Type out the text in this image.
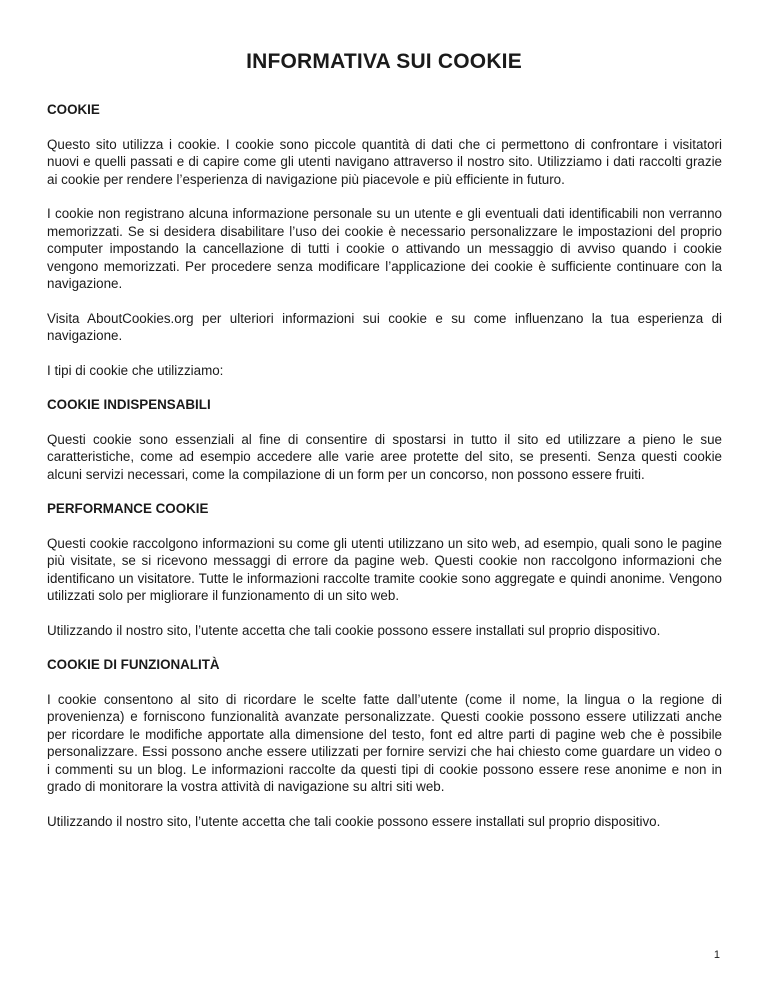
INFORMATIVA SUI COOKIE
COOKIE

Questo sito utilizza i cookie. I cookie sono piccole quantità di dati che ci permettono di confrontare i visitatori nuovi e quelli passati e di capire come gli utenti navigano attraverso il nostro sito. Utilizziamo i dati raccolti grazie ai cookie per rendere l’esperienza di navigazione più piacevole e più efficiente in futuro.

I cookie non registrano alcuna informazione personale su un utente e gli eventuali dati identificabili non verranno memorizzati. Se si desidera disabilitare l’uso dei cookie è necessario personalizzare le impostazioni del proprio computer impostando la cancellazione di tutti i cookie o attivando un messaggio di avviso quando i cookie vengono memorizzati. Per procedere senza modificare l’applicazione dei cookie è sufficiente continuare con la navigazione.

Visita AboutCookies.org per ulteriori informazioni sui cookie e su come influenzano la tua esperienza di navigazione.

I tipi di cookie che utilizziamo:

COOKIE INDISPENSABILI

Questi cookie sono essenziali al fine di consentire di spostarsi in tutto il sito ed utilizzare a pieno le sue caratteristiche, come ad esempio accedere alle varie aree protette del sito, se presenti. Senza questi cookie alcuni servizi necessari, come la compilazione di un form per un concorso, non possono essere fruiti.

PERFORMANCE COOKIE

Questi cookie raccolgono informazioni su come gli utenti utilizzano un sito web, ad esempio, quali sono le pagine più visitate, se si ricevono messaggi di errore da pagine web. Questi cookie non raccolgono informazioni che identificano un visitatore. Tutte le informazioni raccolte tramite cookie sono aggregate e quindi anonime. Vengono utilizzati solo per migliorare il funzionamento di un sito web.

Utilizzando il nostro sito, l’utente accetta che tali cookie possono essere installati sul proprio dispositivo.

COOKIE DI FUNZIONALITÀ

I cookie consentono al sito di ricordare le scelte fatte dall’utente (come il nome, la lingua o la regione di provenienza) e forniscono funzionalità avanzate personalizzate. Questi cookie possono essere utilizzati anche per ricordare le modifiche apportate alla dimensione del testo, font ed altre parti di pagine web che è possibile personalizzare. Essi possono anche essere utilizzati per fornire servizi che hai chiesto come guardare un video o i commenti su un blog. Le informazioni raccolte da questi tipi di cookie possono essere rese anonime e non in grado di monitorare la vostra attività di navigazione su altri siti web.

Utilizzando il nostro sito, l’utente accetta che tali cookie possono essere installati sul proprio dispositivo.

1
